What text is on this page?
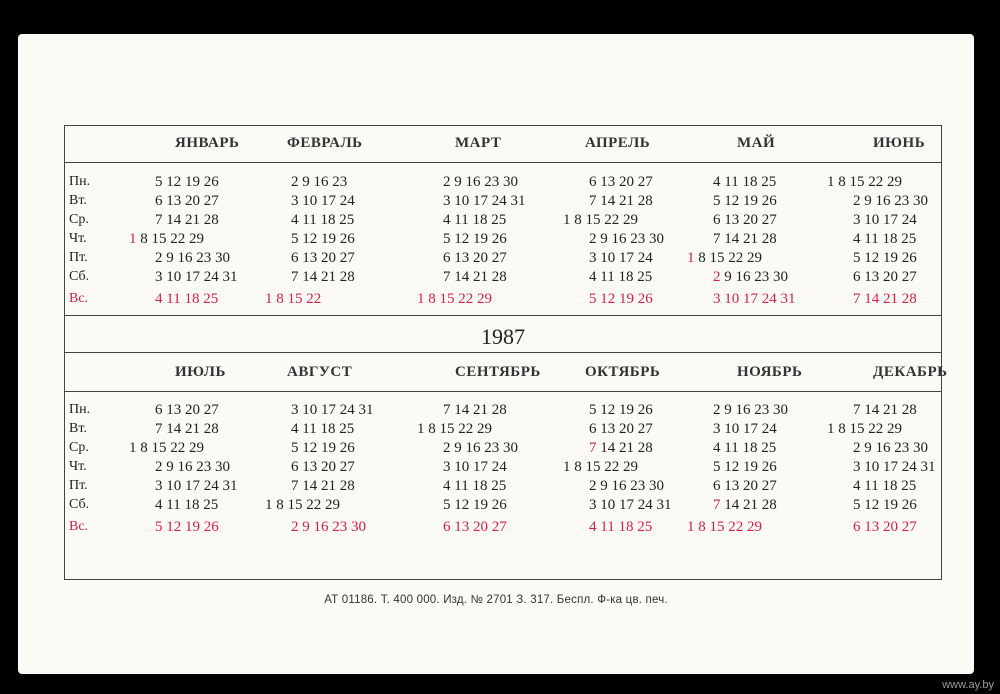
1987
Пн.
Вт.
Ср.
Чт.
Пт.
Сб.
Вс.
ЯНВАРЬ
5 12 19 26
6 13 20 27
7 14 21 28
1 8 15 22 29
2 9 16 23 30
3 10 17 24 31
4 11 18 25
ФЕВРАЛЬ
2 9 16 23
3 10 17 24
4 11 18 25
5 12 19 26
6 13 20 27
7 14 21 28
1 8 15 22
МАРТ
2 9 16 23 30
3 10 17 24 31
4 11 18 25
5 12 19 26
6 13 20 27
7 14 21 28
1 8 15 22 29
АПРЕЛЬ
6 13 20 27
7 14 21 28
1 8 15 22 29
2 9 16 23 30
3 10 17 24
4 11 18 25
5 12 19 26
МАЙ
4 11 18 25
5 12 19 26
6 13 20 27
7 14 21 28
1 8 15 22 29
2 9 16 23 30
3 10 17 24 31
ИЮНЬ
1 8 15 22 29
2 9 16 23 30
3 10 17 24
4 11 18 25
5 12 19 26
6 13 20 27
7 14 21 28
Пн.
Вт.
Ср.
Чт.
Пт.
Сб.
Вс.
ИЮЛЬ
6 13 20 27
7 14 21 28
1 8 15 22 29
2 9 16 23 30
3 10 17 24 31
4 11 18 25
5 12 19 26
АВГУСТ
3 10 17 24 31
4 11 18 25
5 12 19 26
6 13 20 27
7 14 21 28
1 8 15 22 29
2 9 16 23 30
СЕНТЯБРЬ
7 14 21 28
1 8 15 22 29
2 9 16 23 30
3 10 17 24
4 11 18 25
5 12 19 26
6 13 20 27
ОКТЯБРЬ
5 12 19 26
6 13 20 27
7 14 21 28
1 8 15 22 29
2 9 16 23 30
3 10 17 24 31
4 11 18 25
НОЯБРЬ
2 9 16 23 30
3 10 17 24
4 11 18 25
5 12 19 26
6 13 20 27
7 14 21 28
1 8 15 22 29
ДЕКАБРЬ
7 14 21 28
1 8 15 22 29
2 9 16 23 30
3 10 17 24 31
4 11 18 25
5 12 19 26
6 13 20 27
АТ 01186. Т. 400 000. Изд. № 2701 З. 317. Беспл. Ф-ка цв. печ.
www.ay.by
